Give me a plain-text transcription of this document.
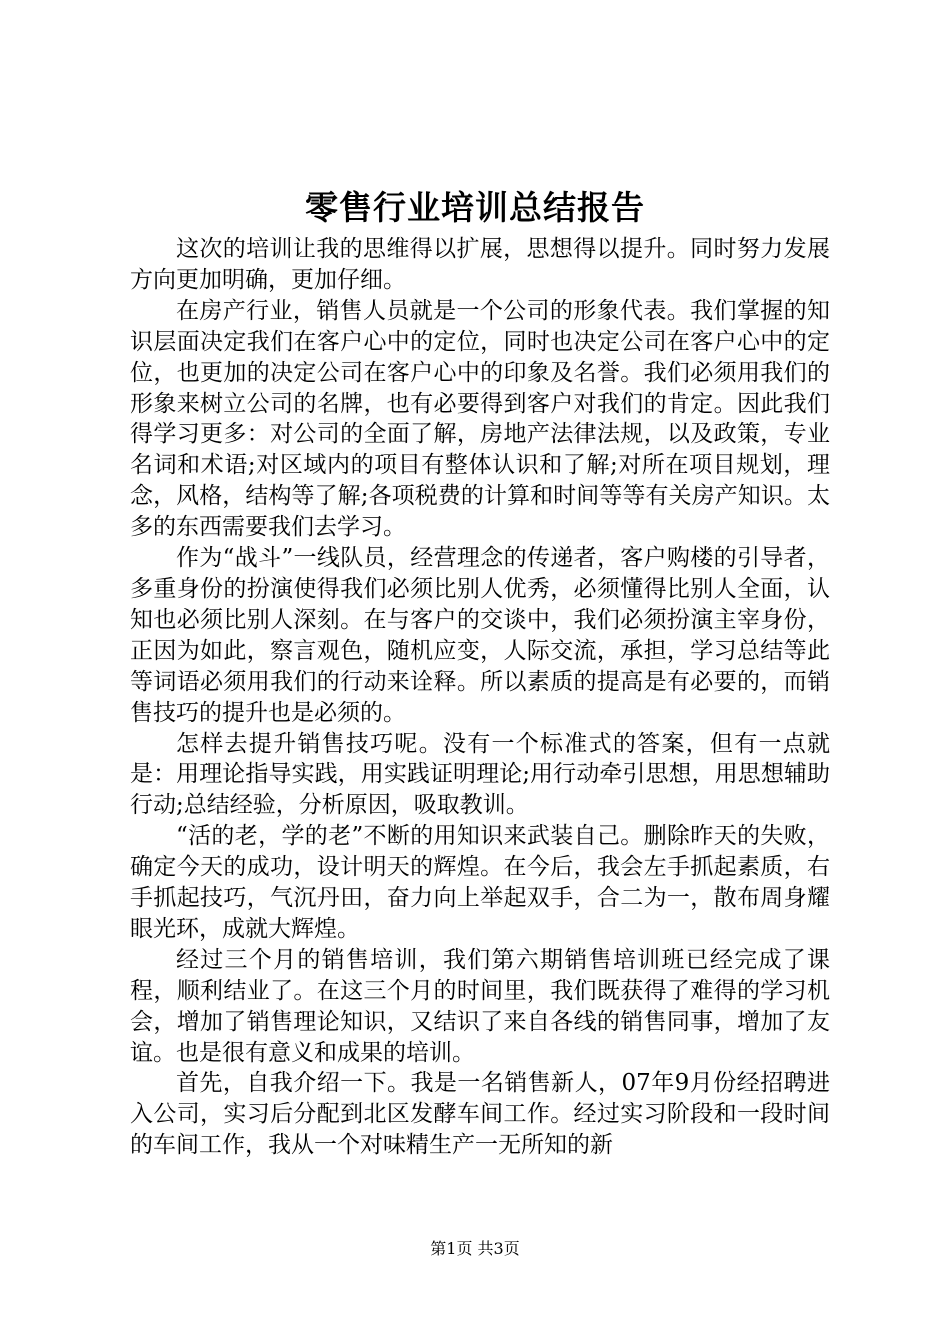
零售行业培训总结报告

这次的培训让我的思维得以扩展，思想得以提升。同时努力发展方向更加明确，更加仔细。

在房产行业，销售人员就是一个公司的形象代表。我们掌握的知识层面决定我们在客户心中的定位，同时也决定公司在客户心中的定位，也更加的决定公司在客户心中的印象及名誉。我们必须用我们的形象来树立公司的名牌，也有必要得到客户对我们的肯定。因此我们得学习更多：对公司的全面了解，房地产法律法规，以及政策，专业名词和术语;对区域内的项目有整体认识和了解;对所在项目规划，理念，风格，结构等了解;各项税费的计算和时间等等有关房产知识。太多的东西需要我们去学习。

作为“战斗”一线队员，经营理念的传递者，客户购楼的引导者，多重身份的扮演使得我们必须比别人优秀，必须懂得比别人全面，认知也必须比别人深刻。在与客户的交谈中，我们必须扮演主宰身份，正因为如此，察言观色，随机应变，人际交流，承担，学习总结等此等词语必须用我们的行动来诠释。所以素质的提高是有必要的，而销售技巧的提升也是必须的。

怎样去提升销售技巧呢。没有一个标准式的答案，但有一点就是：用理论指导实践，用实践证明理论;用行动牵引思想，用思想辅助行动;总结经验，分析原因，吸取教训。

“活的老，学的老”不断的用知识来武装自己。删除昨天的失败，确定今天的成功，设计明天的辉煌。在今后，我会左手抓起素质，右手抓起技巧，气沉丹田，奋力向上举起双手，合二为一，散布周身耀眼光环，成就大辉煌。

经过三个月的销售培训，我们第六期销售培训班已经完成了课程，顺利结业了。在这三个月的时间里，我们既获得了难得的学习机会，增加了销售理论知识，又结识了来自各线的销售同事，增加了友谊。也是很有意义和成果的培训。

首先，自我介绍一下。我是一名销售新人，07年9月份经招聘进入公司，实习后分配到北区发酵车间工作。经过实习阶段和一段时间的车间工作，我从一个对味精生产一无所知的新

第1页 共3页
